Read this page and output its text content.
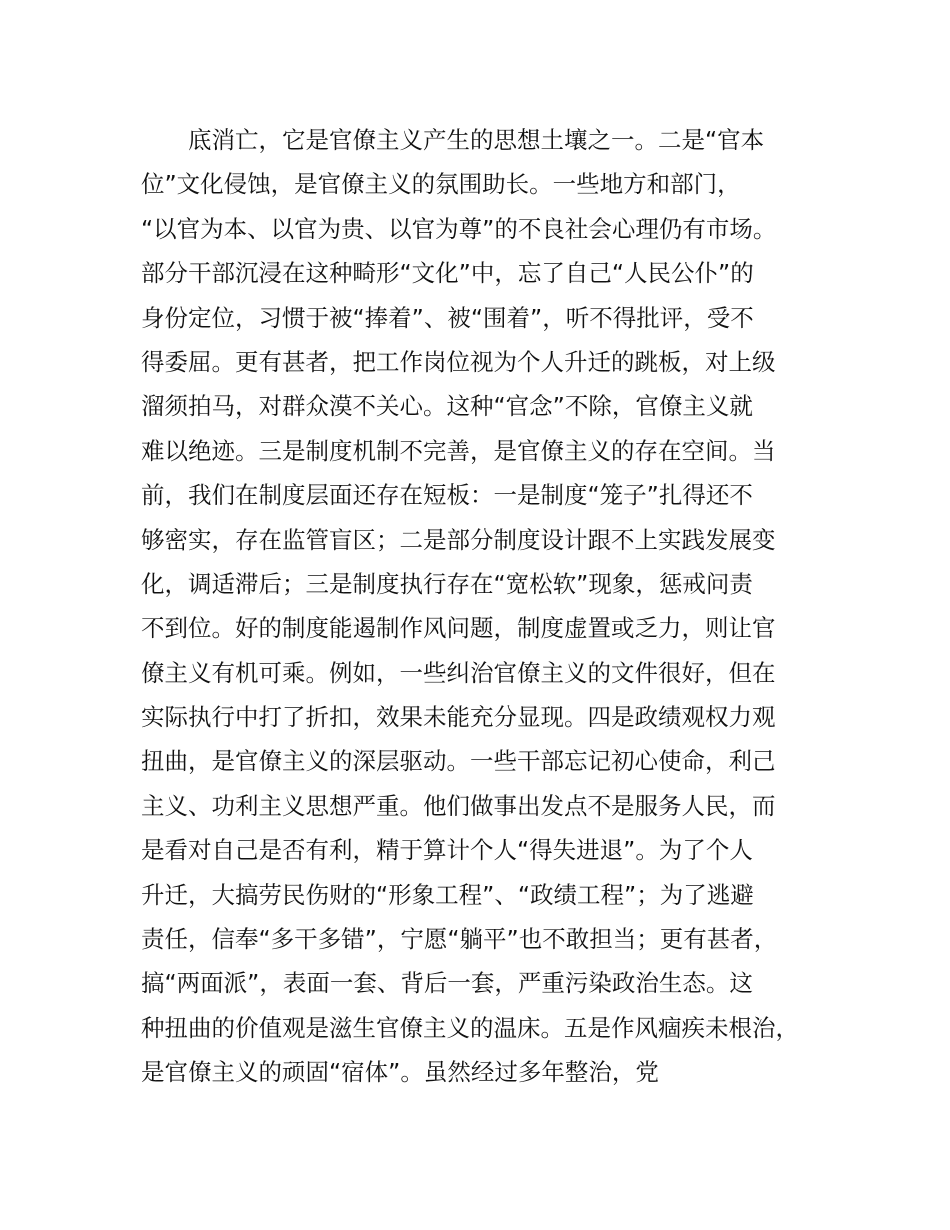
底消亡，它是官僚主义产生的思想土壤之一。二是“官本
位”文化侵蚀，是官僚主义的氛围助长。一些地方和部门，
“以官为本、以官为贵、以官为尊”的不良社会心理仍有市场。
部分干部沉浸在这种畸形“文化”中，忘了自己“人民公仆”的
身份定位，习惯于被“捧着”、被“围着”，听不得批评，受不
得委屈。更有甚者，把工作岗位视为个人升迁的跳板，对上级
溜须拍马，对群众漠不关心。这种“官念”不除，官僚主义就
难以绝迹。三是制度机制不完善，是官僚主义的存在空间。当
前，我们在制度层面还存在短板：一是制度“笼子”扎得还不
够密实，存在监管盲区；二是部分制度设计跟不上实践发展变
化，调适滞后；三是制度执行存在“宽松软”现象，惩戒问责
不到位。好的制度能遏制作风问题，制度虚置或乏力，则让官
僚主义有机可乘。例如，一些纠治官僚主义的文件很好，但在
实际执行中打了折扣，效果未能充分显现。四是政绩观权力观
扭曲，是官僚主义的深层驱动。一些干部忘记初心使命，利己
主义、功利主义思想严重。他们做事出发点不是服务人民，而
是看对自己是否有利，精于算计个人“得失进退”。为了个人
升迁，大搞劳民伤财的“形象工程”、“政绩工程”；为了逃避
责任，信奉“多干多错”，宁愿“躺平”也不敢担当；更有甚者，
搞“两面派”，表面一套、背后一套，严重污染政治生态。这
种扭曲的价值观是滋生官僚主义的温床。五是作风痼疾未根治，
是官僚主义的顽固“宿体”。虽然经过多年整治，党
